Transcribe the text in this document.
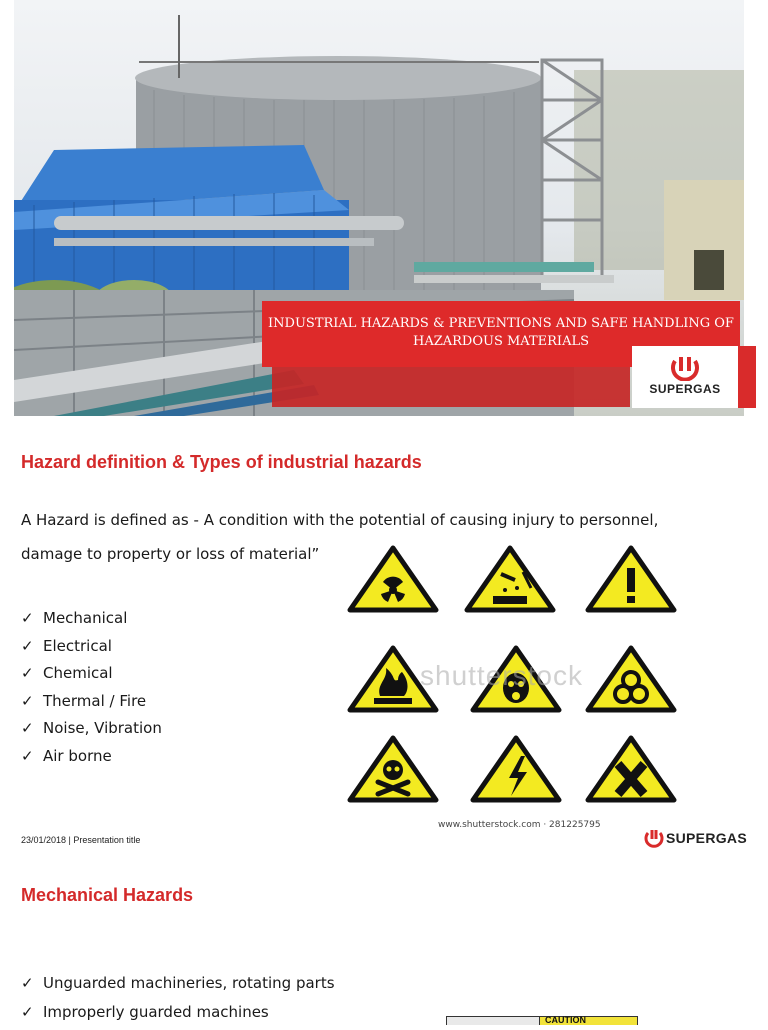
INDUSTRIAL HAZARDS & PREVENTIONS AND SAFE HANDLING OF
HAZARDOUS MATERIALS
SUPERGAS
Hazard definition & Types of industrial hazards
A Hazard is defined as - A condition with the potential of causing injury to personnel,
damage to property or loss of material”
✓ Mechanical
✓ Electrical
✓ Chemical
✓ Thermal / Fire
✓ Noise, Vibration
✓ Air borne
shutterstock
www.shutterstock.com · 281225795
23/01/2018 | Presentation title	SUPERGAS
Mechanical Hazards
✓ Unguarded machineries, rotating parts
✓ Improperly guarded machines	CAUTION
